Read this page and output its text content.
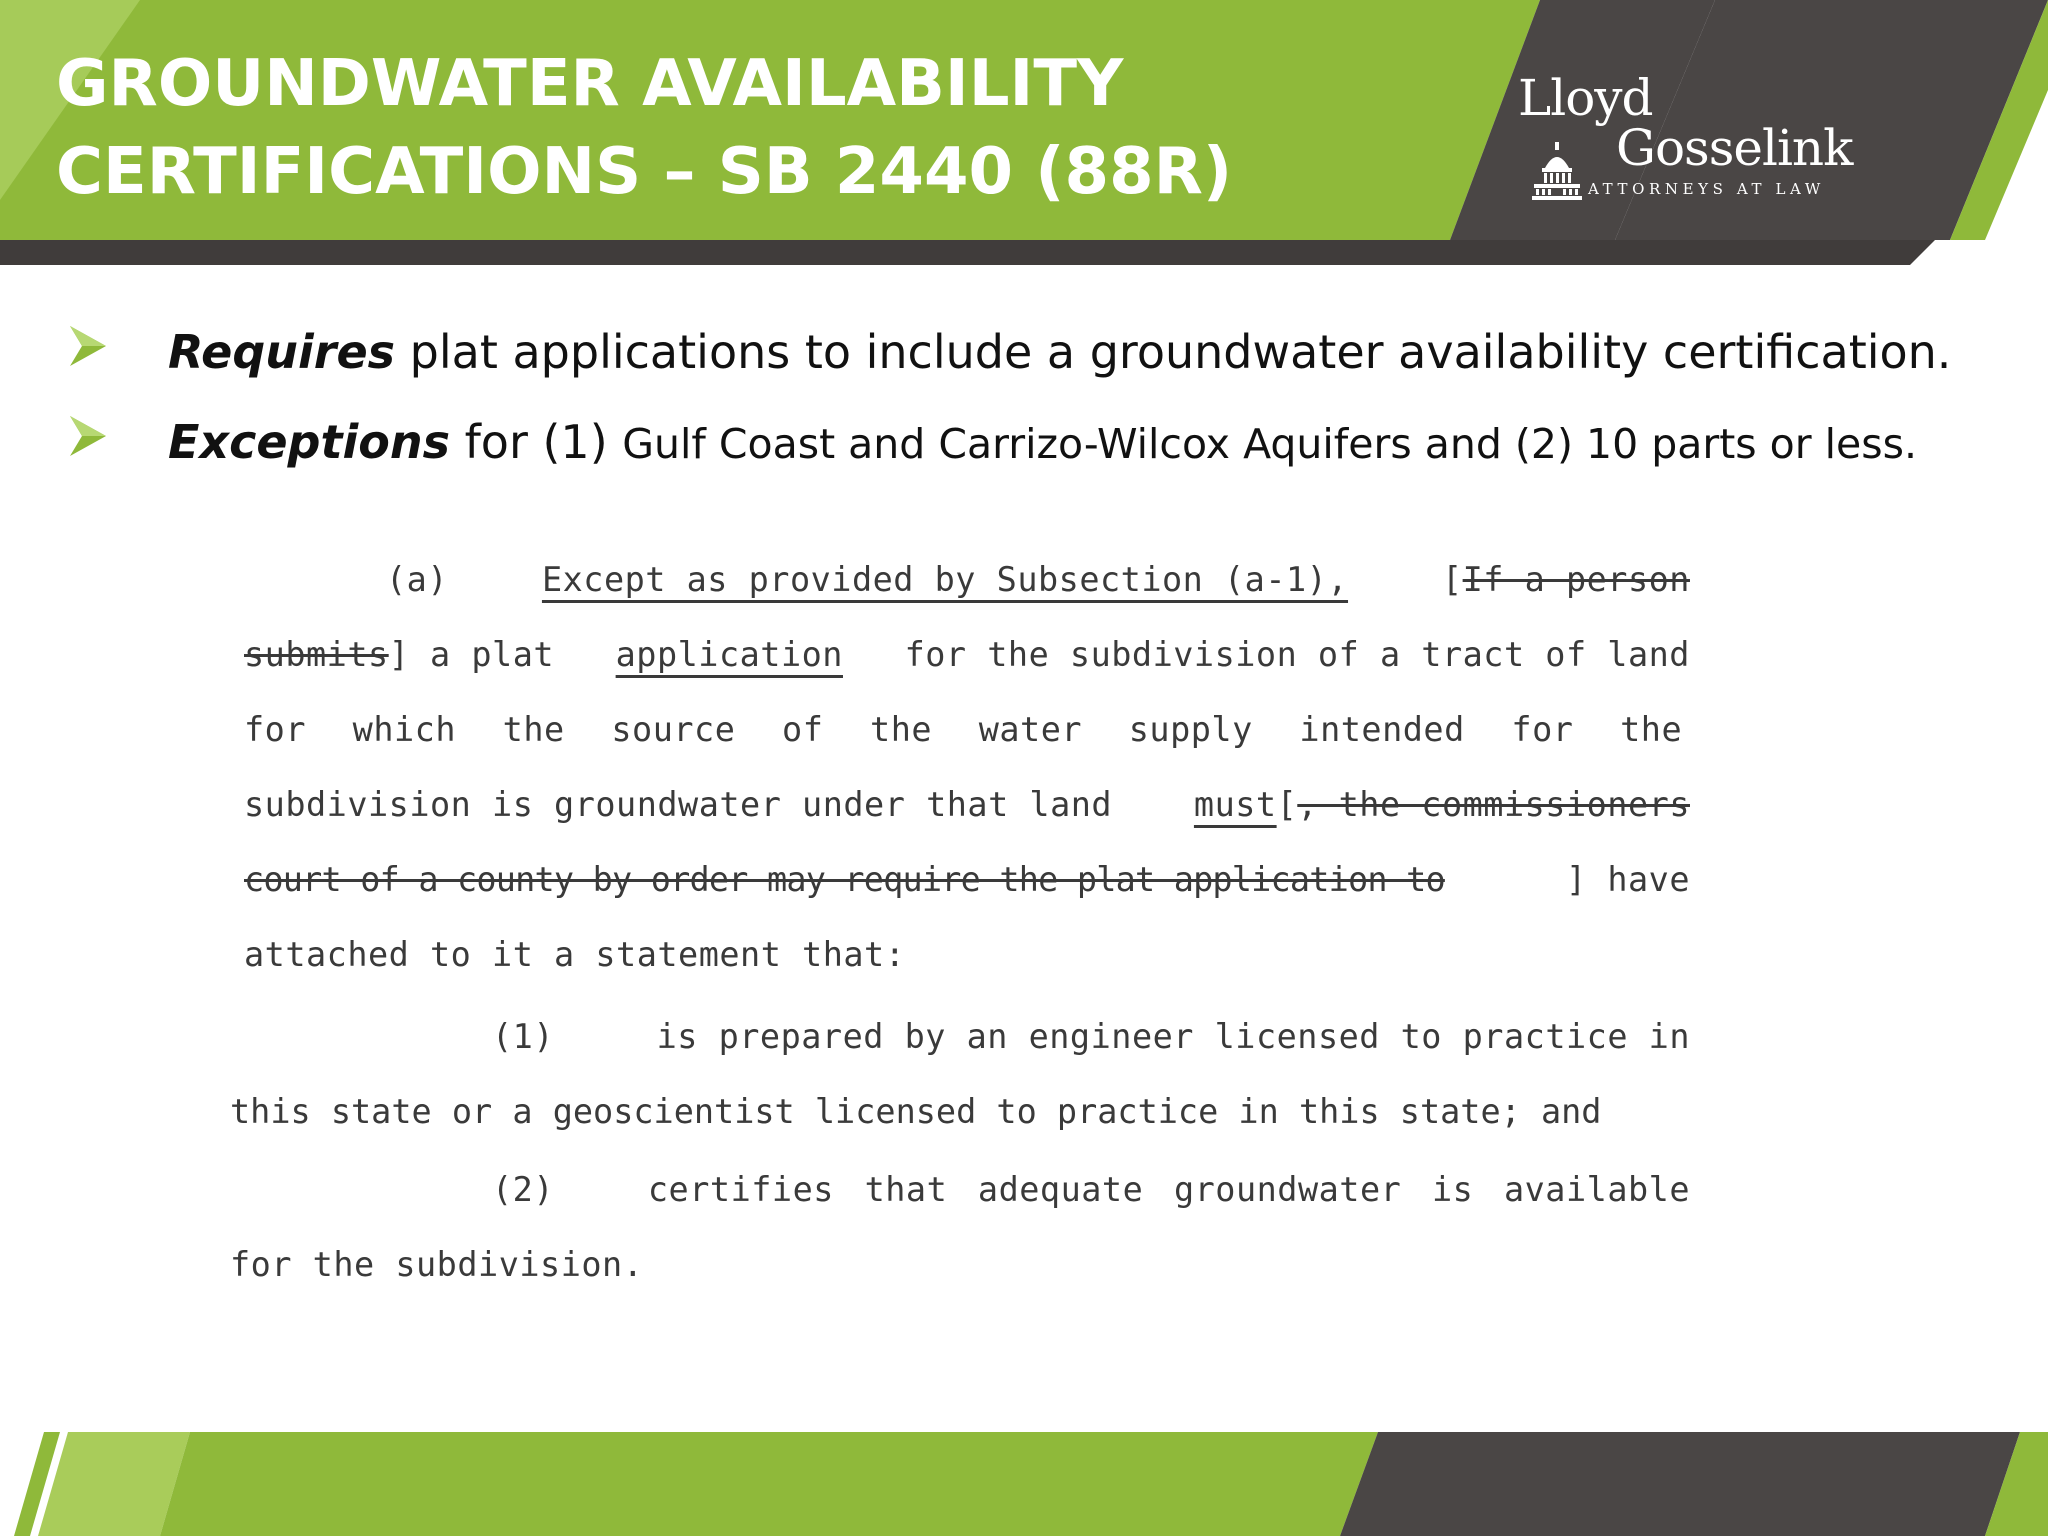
GROUNDWATER AVAILABILITY
CERTIFICATIONS – SB 2440 (88R)
Lloyd
Gosselink
ATTORNEYS AT LAW
Requires plat applications to include a groundwater availability certification.
Exceptions for (1) Gulf Coast and Carrizo-Wilcox Aquifers and (2) 10 parts or less.
(a)	Except as provided by Subsection (a-1),	[If a person
submits] a plat application for the subdivision of a tract of land
for which the source of the water supply intended for the
subdivision is groundwater under that land must[, the commissioners
court of a county by order may require the plat application to	] have
attached to it a statement that:
(1)	is prepared by an engineer licensed to practice in
this state or a geoscientist licensed to practice in this state; and
(2)	certifies that adequate groundwater is available
for the subdivision.
